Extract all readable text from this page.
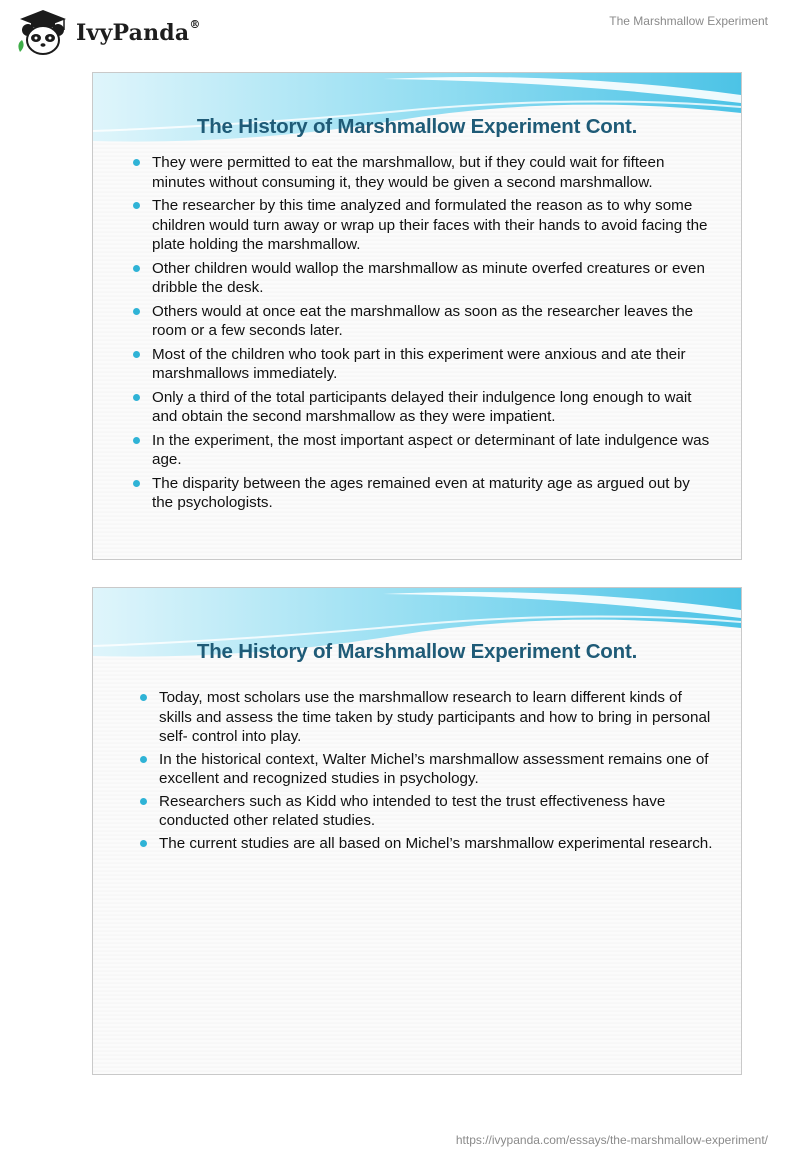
IvyPanda®	The Marshmallow Experiment
The History of Marshmallow Experiment Cont.
They were permitted to eat the marshmallow, but if they could wait for fifteen minutes without consuming it, they would be given a second marshmallow.
The researcher by this time analyzed and formulated the reason as to why some children would turn away or wrap up their faces with their hands to avoid facing the plate holding the marshmallow.
Other children would wallop the marshmallow as minute overfed creatures or even dribble the desk.
Others would at once eat the marshmallow as soon as the researcher leaves the room or a few seconds later.
Most of the children who took part in this experiment were anxious and ate their marshmallows immediately.
Only a third of the total participants delayed their indulgence long enough to wait and obtain the second marshmallow as they were impatient.
In the experiment, the most important aspect or determinant of late indulgence was age.
The disparity between the ages remained even at maturity age as argued out by the psychologists.
The History of Marshmallow Experiment Cont.
Today, most scholars use the marshmallow research to learn different kinds of skills and assess the time taken by study participants and how to bring in personal self- control into play.
In the historical context, Walter Michel’s marshmallow assessment remains one of excellent and recognized studies in psychology.
Researchers such as Kidd who intended to test the trust effectiveness have conducted other related studies.
The current studies are all based on Michel’s marshmallow experimental research.
https://ivypanda.com/essays/the-marshmallow-experiment/
